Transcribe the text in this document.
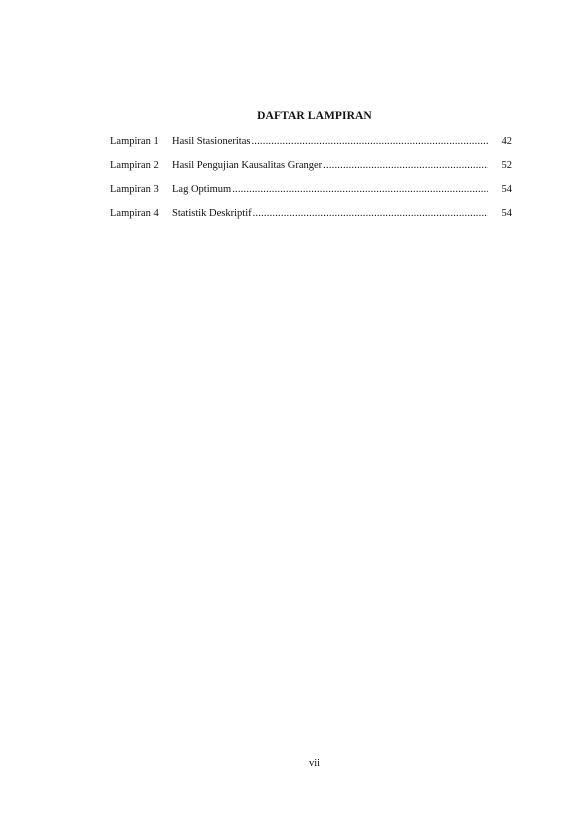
DAFTAR LAMPIRAN
Lampiran 1	Hasil Stasioneritas .....	42
Lampiran 2	Hasil Pengujian Kausalitas Granger .....	52
Lampiran 3	Lag Optimum .....	54
Lampiran 4	Statistik Deskriptif .....	54
vii
